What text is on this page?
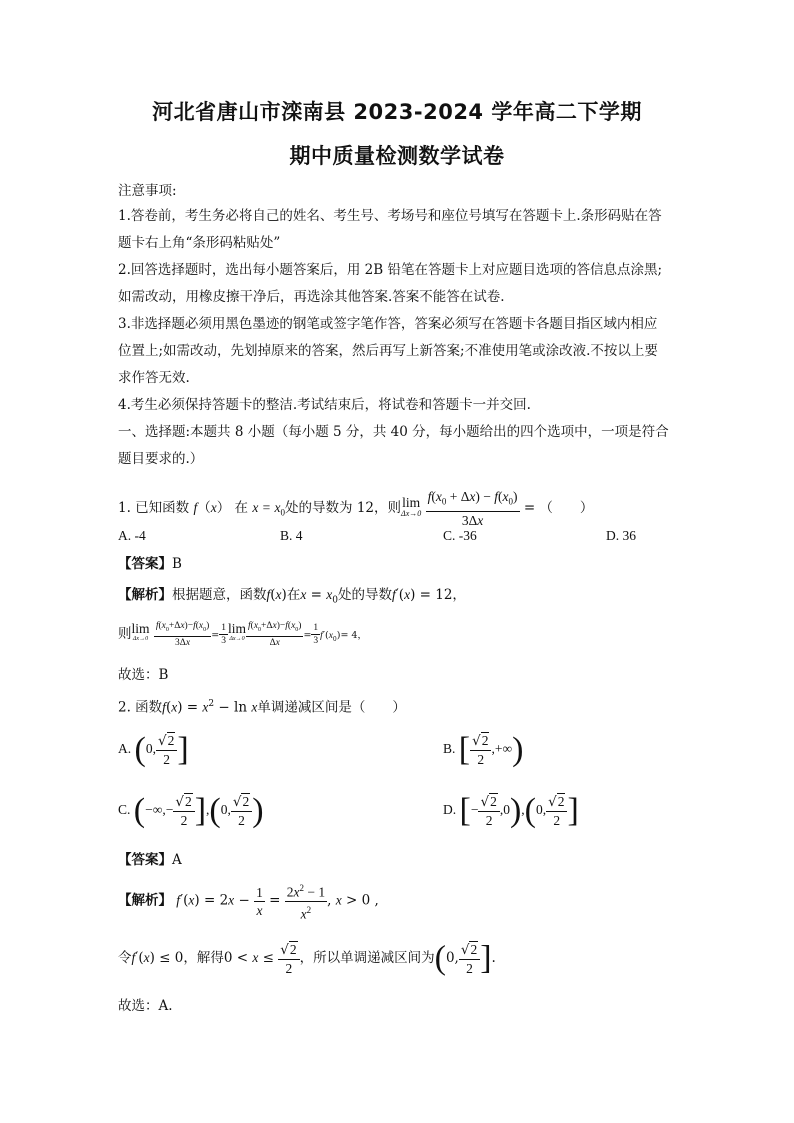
河北省唐山市滦南县 2023-2024 学年高二下学期
期中质量检测数学试卷
注意事项:
1.答卷前，考生务必将自己的姓名、考生号、考场号和座位号填写在答题卡上.条形码贴在答
题卡右上角“条形码粘贴处”
2.回答选择题时，选出每小题答案后，用 2B 铅笔在答题卡上对应题目选项的答信息点涂黑;
如需改动，用橡皮擦干净后，再选涂其他答案.答案不能答在试卷.
3.非选择题必须用黑色墨迹的钢笔或签字笔作答，答案必须写在答题卡各题目指区域内相应
位置上;如需改动，先划掉原来的答案，然后再写上新答案;不准使用笔或涂改液.不按以上要
求作答无效.
4.考生必须保持答题卡的整洁.考试结束后，将试卷和答题卡一并交回.
一、选择题:本题共 8 小题（每小题 5 分，共 40 分，每小题给出的四个选项中，一项是符合
题目要求的.）
1. 已知函数 f（x） 在 $x = x_0$处的导数为 12，则 lim
Δx→0
$\frac{f(x_0 + \Delta x) - f(x_0)}{3\Delta x}$ = （　　）
A. -4	B. 4	C. -36	D. 36
【答案】B
【解析】根据题意，函数f(x)在$x = x_0$处的导数f′(x) = 12，
则 lim
Δx→0
$\frac{f(x_0+\Delta x)-f(x_0)}{3\Delta x} = \frac{1}{3}$ lim
$\Delta x\to 0 \frac{f(x_0+\Delta x)-f(x_0)}{\Delta x} = \frac{1}{3} f'(x_0)= 4$，
故选：B
2. 函数$f(x) = x^2 - \ln x$单调递减区间是（　　）
A. (0, $\frac{√2}{2}$ ]	B. [ $\frac{√2}{2}$ ,+∞)
C. (−∞,− $\frac{√2}{2} ],(0$, $\frac{√2}{2}$ )	D. [− $\frac{√2}{2} ,0),(0$, $\frac{√2}{2}$ ]
【答案】A
【解析】 $f'(x) = 2x - \frac{1}{x} = \frac{2x^2 - 1}{x^2}$ , x > 0 ,
令f′(x) ≤ 0，解得$0 < x \le \frac{√2}{2}$ ，所以单调递减区间为(0, $\frac{√2}{2}$ ].
故选：A.
